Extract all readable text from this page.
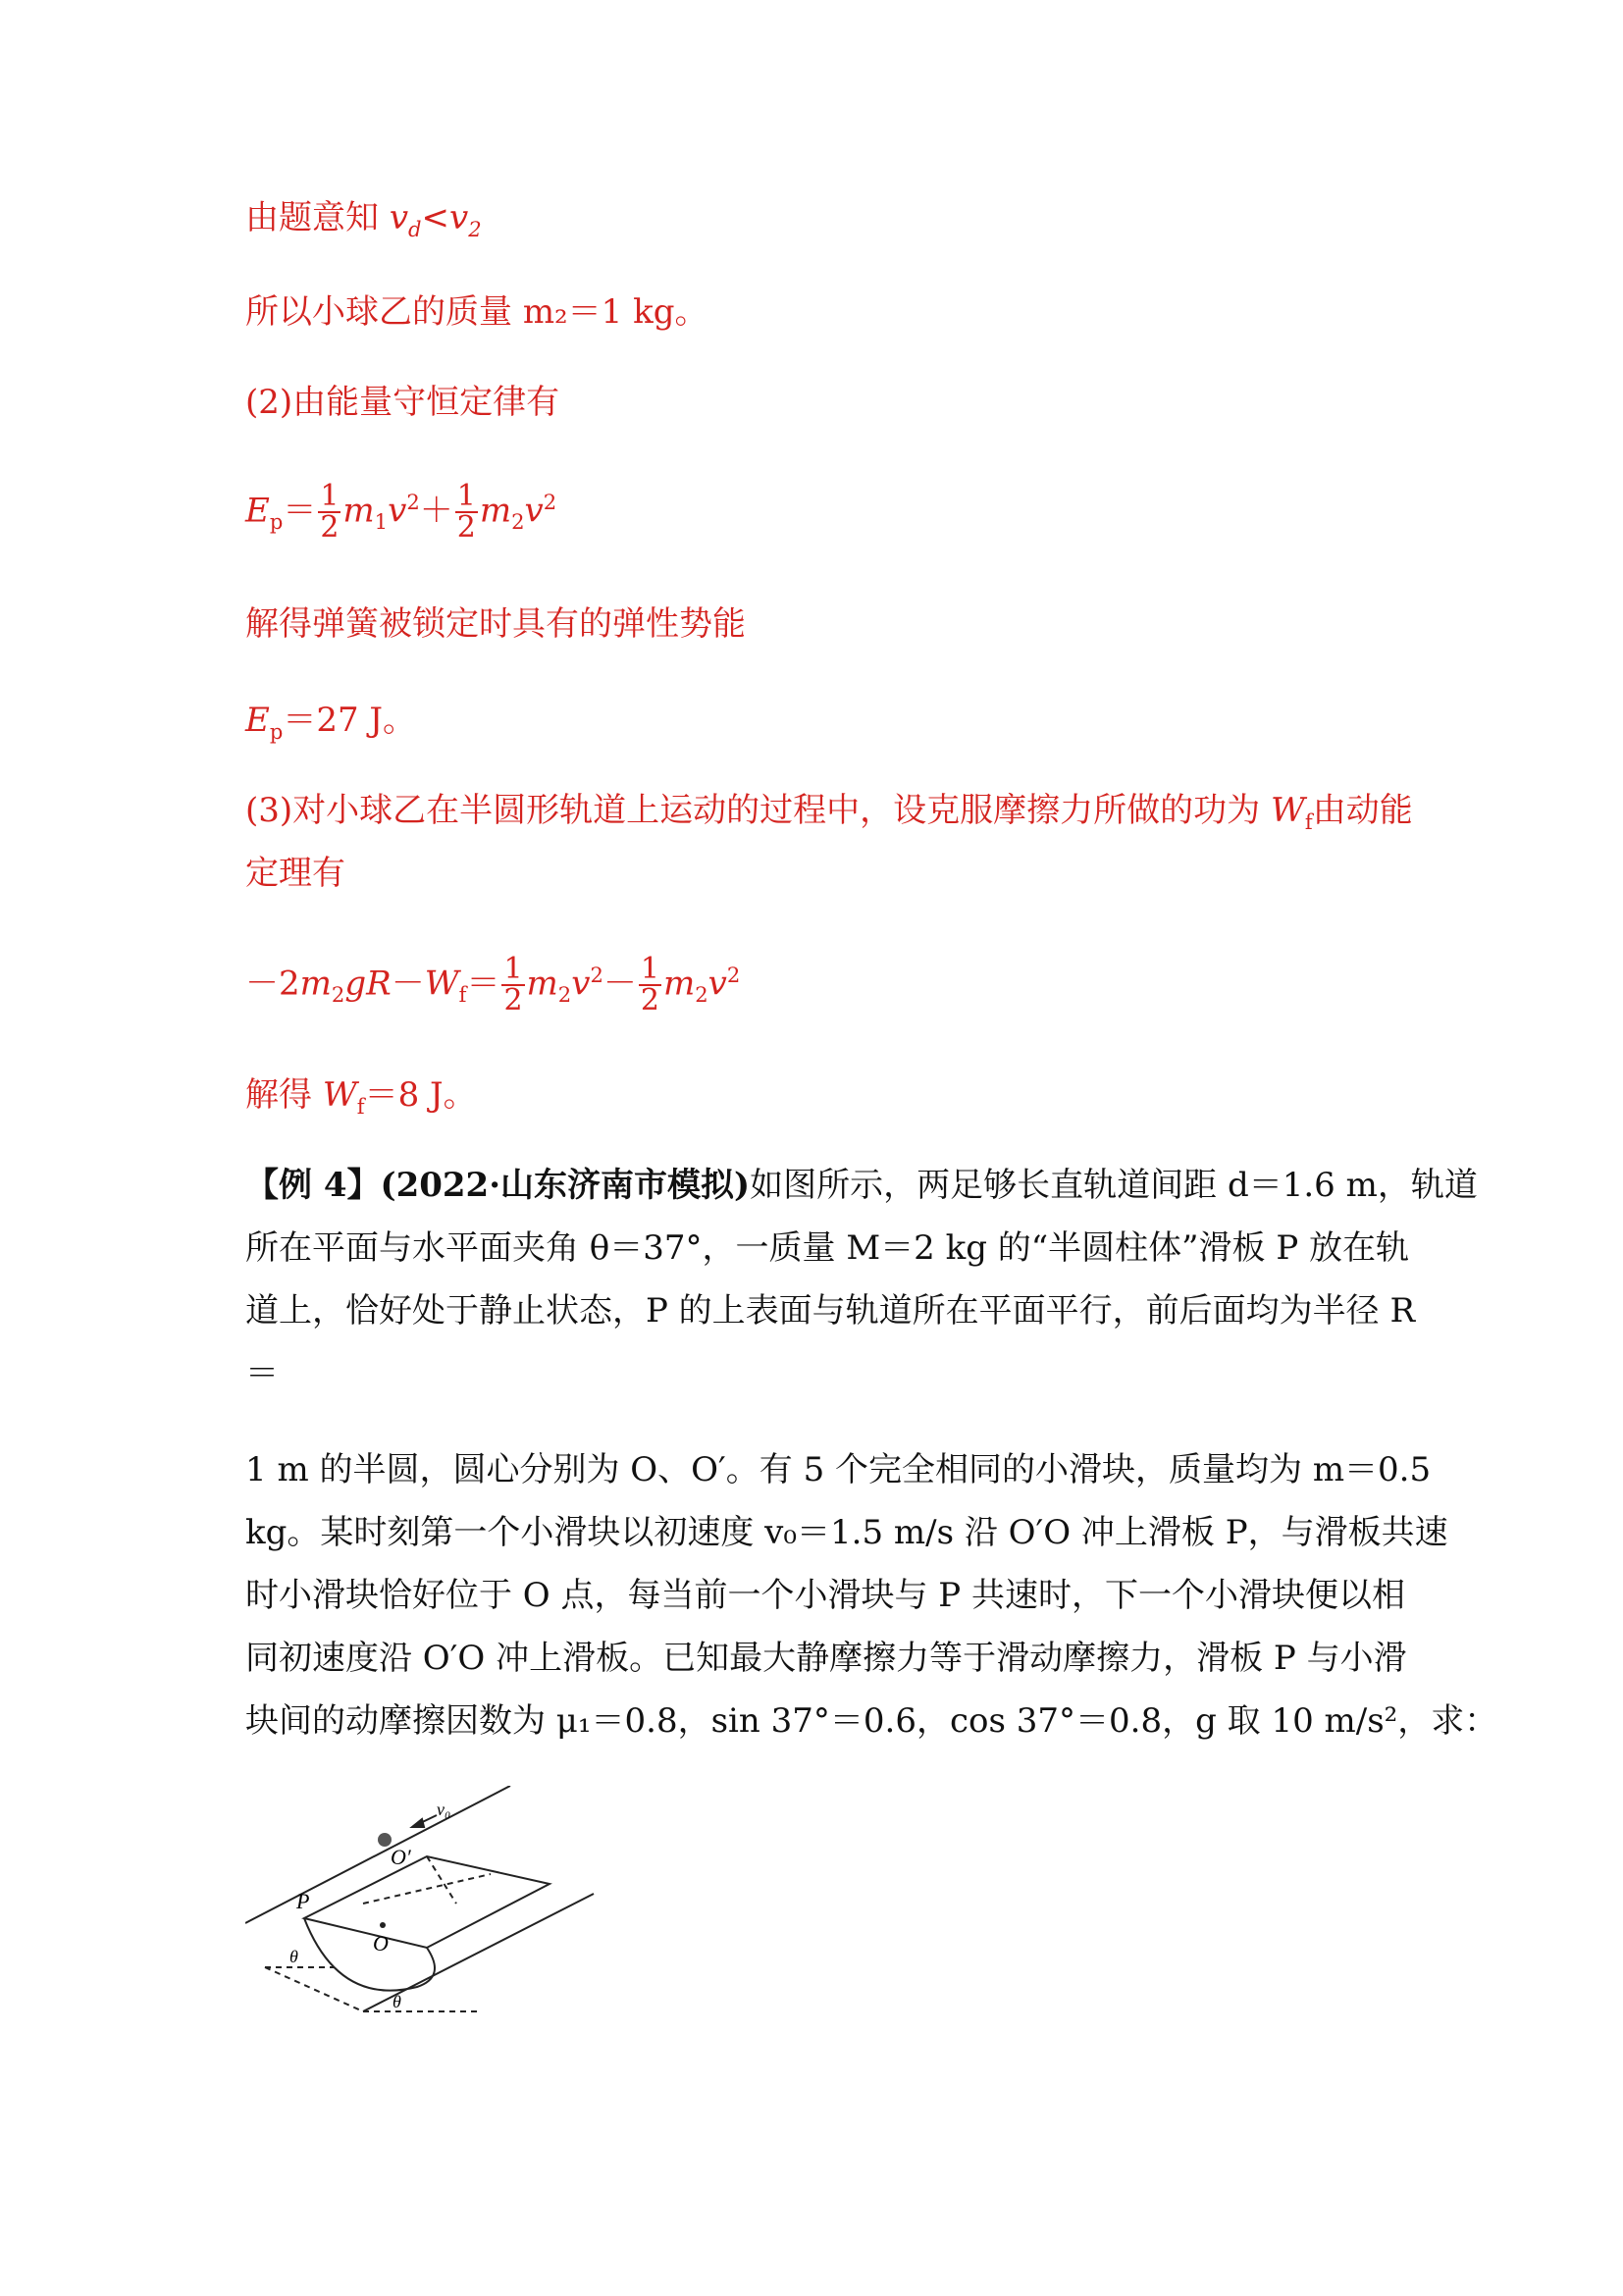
由题意知 $v_d<v_2$
所以小球乙的质量 m₂＝1 kg。
(2)由能量守恒定律有
$E_p= \frac{1}{2} m_1v^2+ \frac{1}{2} m_2v^2$
解得弹簧被锁定时具有的弹性势能
$E_p=27$ J。
(3)对小球乙在半圆形轨道上运动的过程中，设克服摩擦力所做的功为 $W_f$由动能
定理有
$-2m_2gR-W_f= \frac{1}{2} m_2v^2- \frac{1}{2} m_2v^2$
解得 $W_f=8$ J。
【例 4】(2022·山东济南市模拟)如图所示，两足够长直轨道间距 d＝1.6 m，轨道
所在平面与水平面夹角 θ＝37°，一质量 M＝2 kg 的“半圆柱体”滑板 P 放在轨
道上，恰好处于静止状态，P 的上表面与轨道所在平面平行，前后面均为半径 R
＝
1 m 的半圆，圆心分别为 O、O′。有 5 个完全相同的小滑块，质量均为 m＝0.5
kg。某时刻第一个小滑块以初速度 v₀＝1.5 m/s 沿 O′O 冲上滑板 P，与滑板共速
时小滑块恰好位于 O 点，每当前一个小滑块与 P 共速时，下一个小滑块便以相
同初速度沿 O′O 冲上滑板。已知最大静摩擦力等于滑动摩擦力，滑板 P 与小滑
块间的动摩擦因数为 μ₁＝0.8，sin 37°＝0.6，cos 37°＝0.8，g 取 10 m/s²，求：
P
O
O′
v₀
θ
θ
